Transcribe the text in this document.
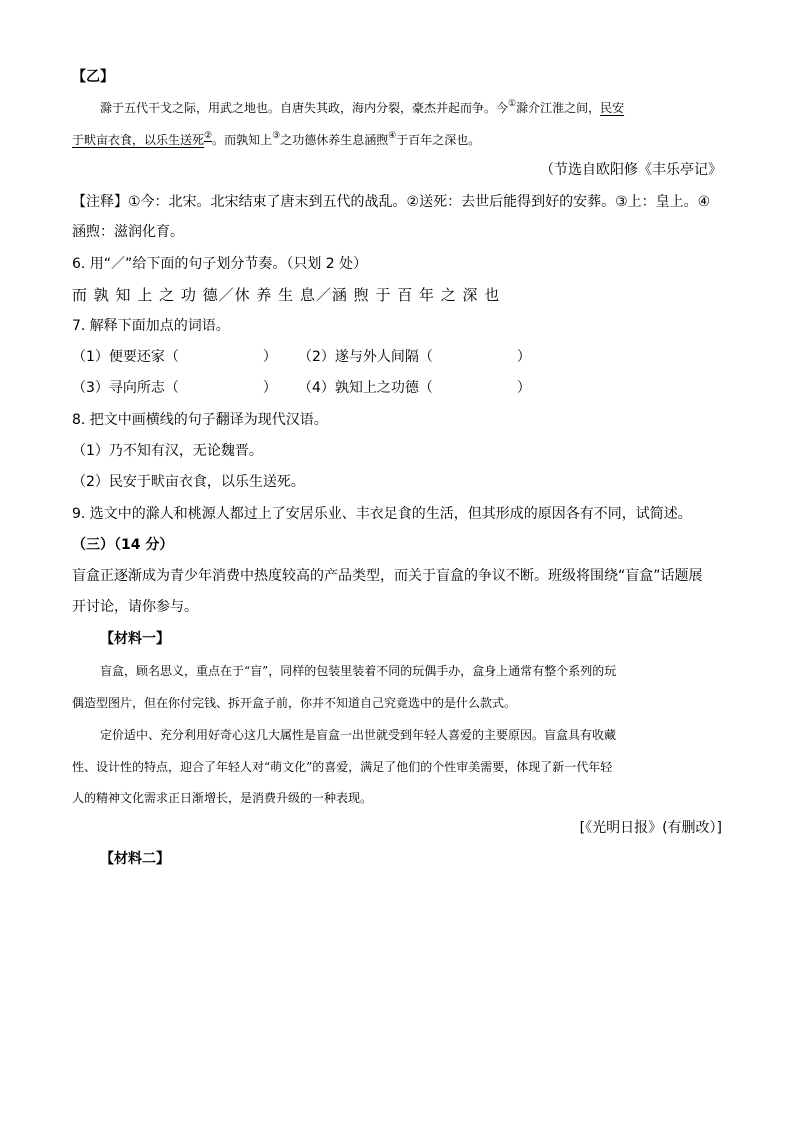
【乙】
滁于五代干戈之际，用武之地也。自唐失其政，海内分裂，豪杰并起而争。今①滁介江淮之间，民安
于畎亩衣食，以乐生送死②。而孰知上③之功德休养生息涵煦④于百年之深也。
（节选自欧阳修《丰乐亭记》
【注释】①今：北宋。北宋结束了唐末到五代的战乱。②送死：去世后能得到好的安葬。③上：皇上。④
涵煦：滋润化育。
6. 用“／”给下面的句子划分节奏。（只划 2 处）
而 孰 知 上 之 功 德／休 养 生 息／涵 煦 于 百 年 之 深 也
7. 解释下面加点的词语。
（1）便要还家（　　　　　　） （2）遂与外人间隔（　　　　　　）
（3）寻向所志（　　　　　　） （4）孰知上之功德（　　　　　　）
8. 把文中画横线的句子翻译为现代汉语。
（1）乃不知有汉，无论魏晋。
（2）民安于畎亩衣食，以乐生送死。
9. 选文中的滁人和桃源人都过上了安居乐业、丰衣足食的生活，但其形成的原因各有不同，试简述。
（三）（14 分）
盲盒正逐渐成为青少年消费中热度较高的产品类型，而关于盲盒的争议不断。班级将围绕“盲盒”话题展
开讨论，请你参与。
【材料一】
盲盒，顾名思义，重点在于“盲”，同样的包装里装着不同的玩偶手办，盒身上通常有整个系列的玩
偶造型图片，但在你付完钱、拆开盒子前，你并不知道自己究竟选中的是什么款式。
定价适中、充分利用好奇心这几大属性是盲盒一出世就受到年轻人喜爱的主要原因。盲盒具有收藏
性、设计性的特点，迎合了年轻人对“萌文化”的喜爱，满足了他们的个性审美需要，体现了新一代年轻
人的精神文化需求正日渐增长，是消费升级的一种表现。
[《光明日报》(有删改）]
【材料二】
